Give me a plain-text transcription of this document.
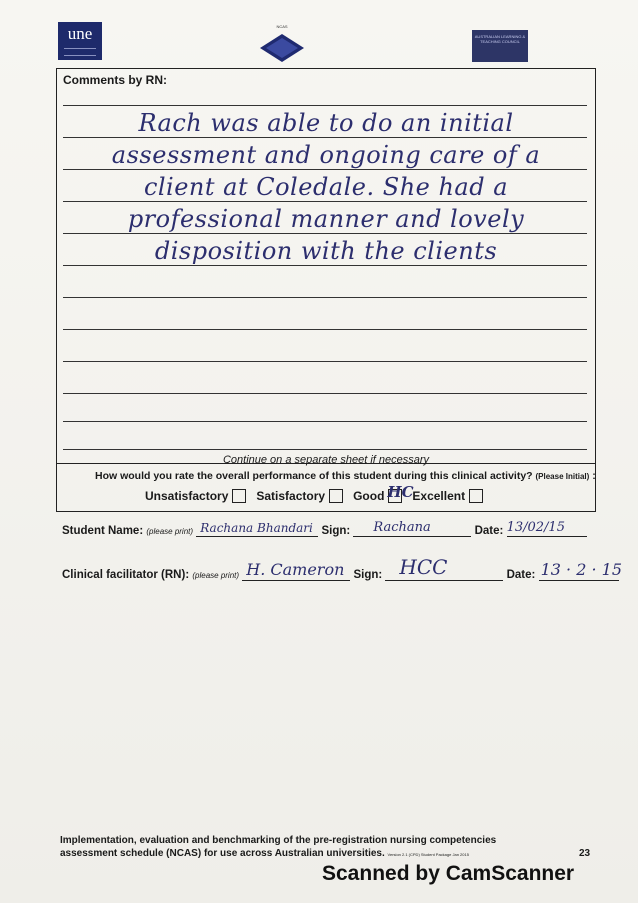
une	NCAS
AUSTRALIAN LEARNING & TEACHING COUNCIL
Comments by RN:
Rach was able to do an initial
assessment and ongoing care of a
client at Coledale. She had a
professional manner and lovely
disposition with the clients
Continue on a separate sheet if necessary
How would you rate the overall performance of this student during this clinical activity? (Please Initial) :
Unsatisfactory Satisfactory Good HC
Excellent
Student Name: (please print) Rachana Bhandari Sign: Rachana	Date: 13/02/15
Clinical facilitator (RN): (please print) H. Cameron Sign: HCC	Date: 13 · 2 · 15
Implementation, evaluation and benchmarking of the pre-registration nursing competencies
assessment schedule (NCAS) for use across Australian universities. Version 2.1 (CPD) Student Package Jan 2015	23
Scanned by CamScanner
